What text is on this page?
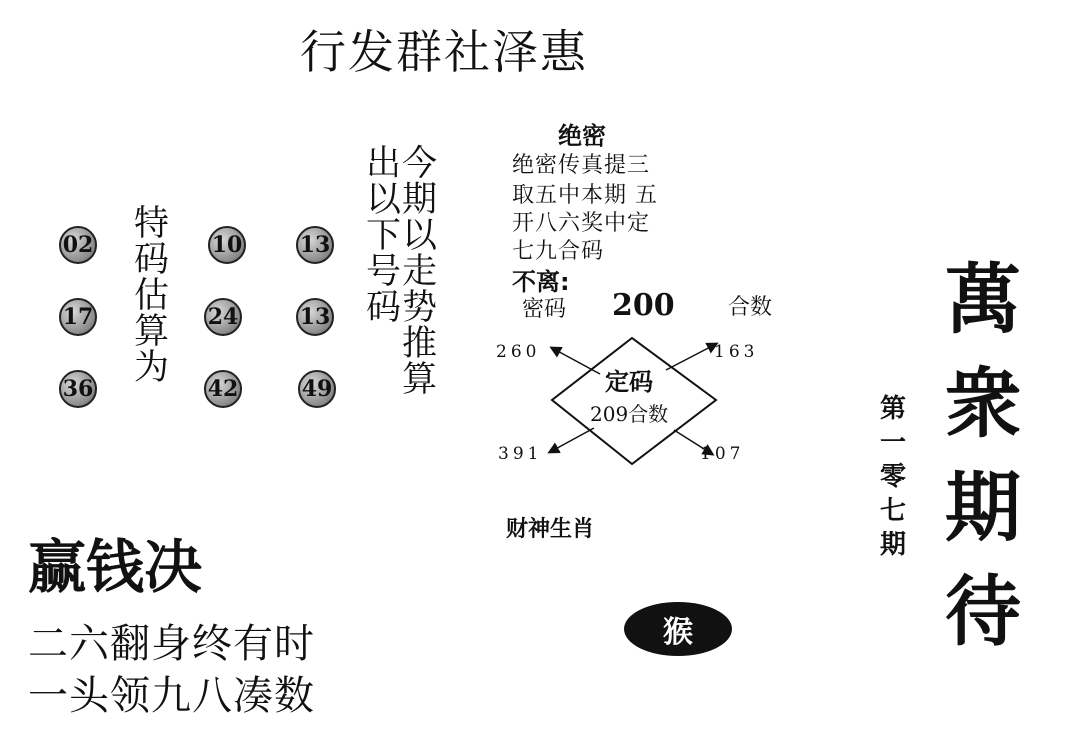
行发群社泽惠
02	10	13
17	24	13
36	42	49
特
码
估
算
为
今
期
以
走
势
推
算
出
以
下
号
码
绝密
绝密传真提三
取五中本期 五
开八六奖中定
七九合码
不离:
密码 200 合数
260	163
391	107
定码
209合数
财神生肖
猴
赢钱决
二六翻身终有时
一头领九八凑数
第
一
零
七
期
萬
衆
期
待
